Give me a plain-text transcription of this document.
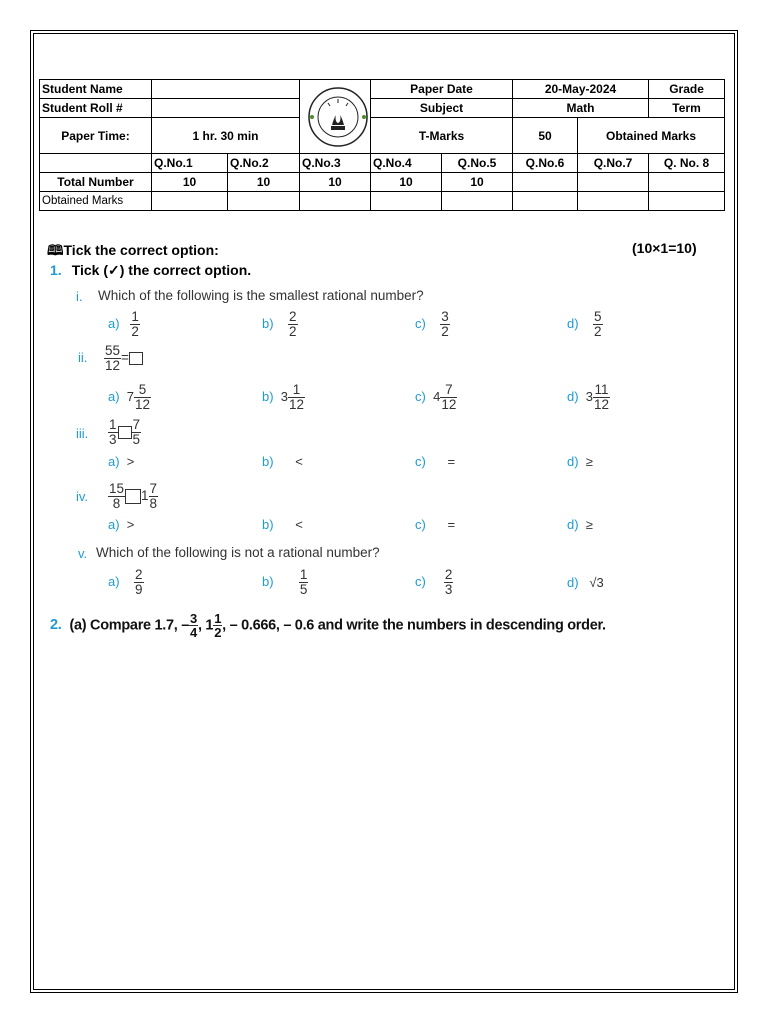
Student Name				Paper Date		20-May-2024		Grade	
Student Roll #				Subject		Math		Term	
Paper Time:	1 hr. 30 min			T-Marks		50	Obtained Marks		
	Q.No.1	Q.No.2	Q.No.3	Q.No.4	Q.No.5	Q.No.6	Q.No.7	Q. No. 8	
Total Number	10	10	10	10	10				
Obtained Marks									
🕮Tick the correct option:	(10×1=10)
1. Tick (✓) the correct option.
i. Which of the following is the smallest rational number?
$a) \frac{1}{2}$	$b) \frac{2}{2}$	$c) \frac{3}{2}$	$d) \frac{5}{2}$
ii. $\frac{55}{12}$ =
a) $7 \frac{5}{12}$	b) $3 \frac{1}{12}$	c) $4 \frac{7}{12}$	d) $3 \frac{11}{12}$
iii. $\frac{1}{3} \frac{7}{5}$
a) >	b) <	c) =	d) ≥
iv. $\frac{15}{8} 1 \frac{7}{8}$
a) >	b) <	c) =	d) ≥
v. Which of the following is not a rational number?
$a) \frac{2}{9}$	$b) \frac{1}{5}$	$c) \frac{2}{3}$	d) √3
2. (a) Compare 1.7, – $\frac{3}{4}$ , $1 \frac{1}{2}$ , – 0.666, – 0.6 and write the numbers in descending order.
